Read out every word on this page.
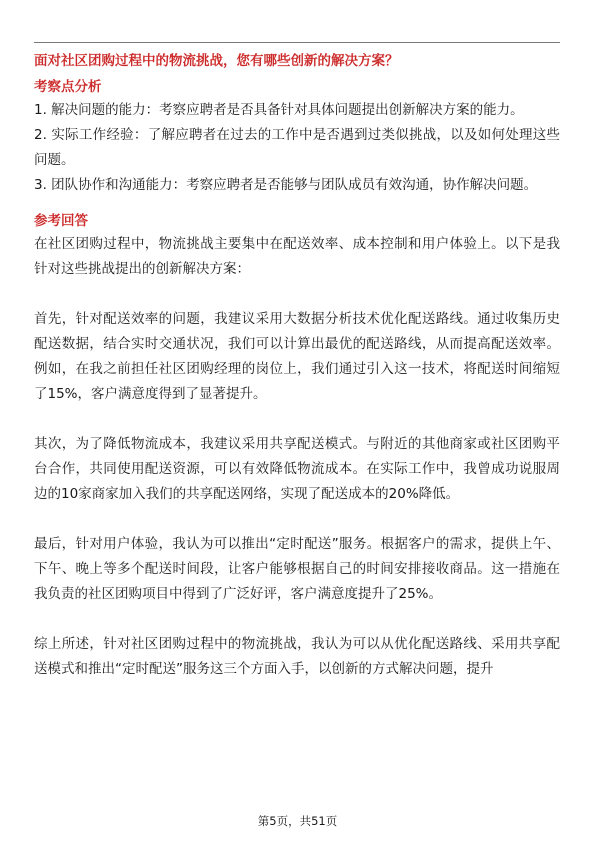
面对社区团购过程中的物流挑战，您有哪些创新的解决方案？

考察点分析

1. 解决问题的能力：考察应聘者是否具备针对具体问题提出创新解决方案的能力。

2. 实际工作经验：了解应聘者在过去的工作中是否遇到过类似挑战，以及如何处理这些问题。

3. 团队协作和沟通能力：考察应聘者是否能够与团队成员有效沟通，协作解决问题。

参考回答

在社区团购过程中，物流挑战主要集中在配送效率、成本控制和用户体验上。以下是我针对这些挑战提出的创新解决方案：

首先，针对配送效率的问题，我建议采用大数据分析技术优化配送路线。通过收集历史配送数据，结合实时交通状况，我们可以计算出最优的配送路线，从而提高配送效率。例如，在我之前担任社区团购经理的岗位上，我们通过引入这一技术，将配送时间缩短了15%，客户满意度得到了显著提升。

其次，为了降低物流成本，我建议采用共享配送模式。与附近的其他商家或社区团购平台合作，共同使用配送资源，可以有效降低物流成本。在实际工作中，我曾成功说服周边的10家商家加入我们的共享配送网络，实现了配送成本的20%降低。

最后，针对用户体验，我认为可以推出“定时配送”服务。根据客户的需求，提供上午、下午、晚上等多个配送时间段，让客户能够根据自己的时间安排接收商品。这一措施在我负责的社区团购项目中得到了广泛好评，客户满意度提升了25%。

综上所述，针对社区团购过程中的物流挑战，我认为可以从优化配送路线、采用共享配送模式和推出“定时配送”服务这三个方面入手，以创新的方式解决问题，提升

第5页，共51页
